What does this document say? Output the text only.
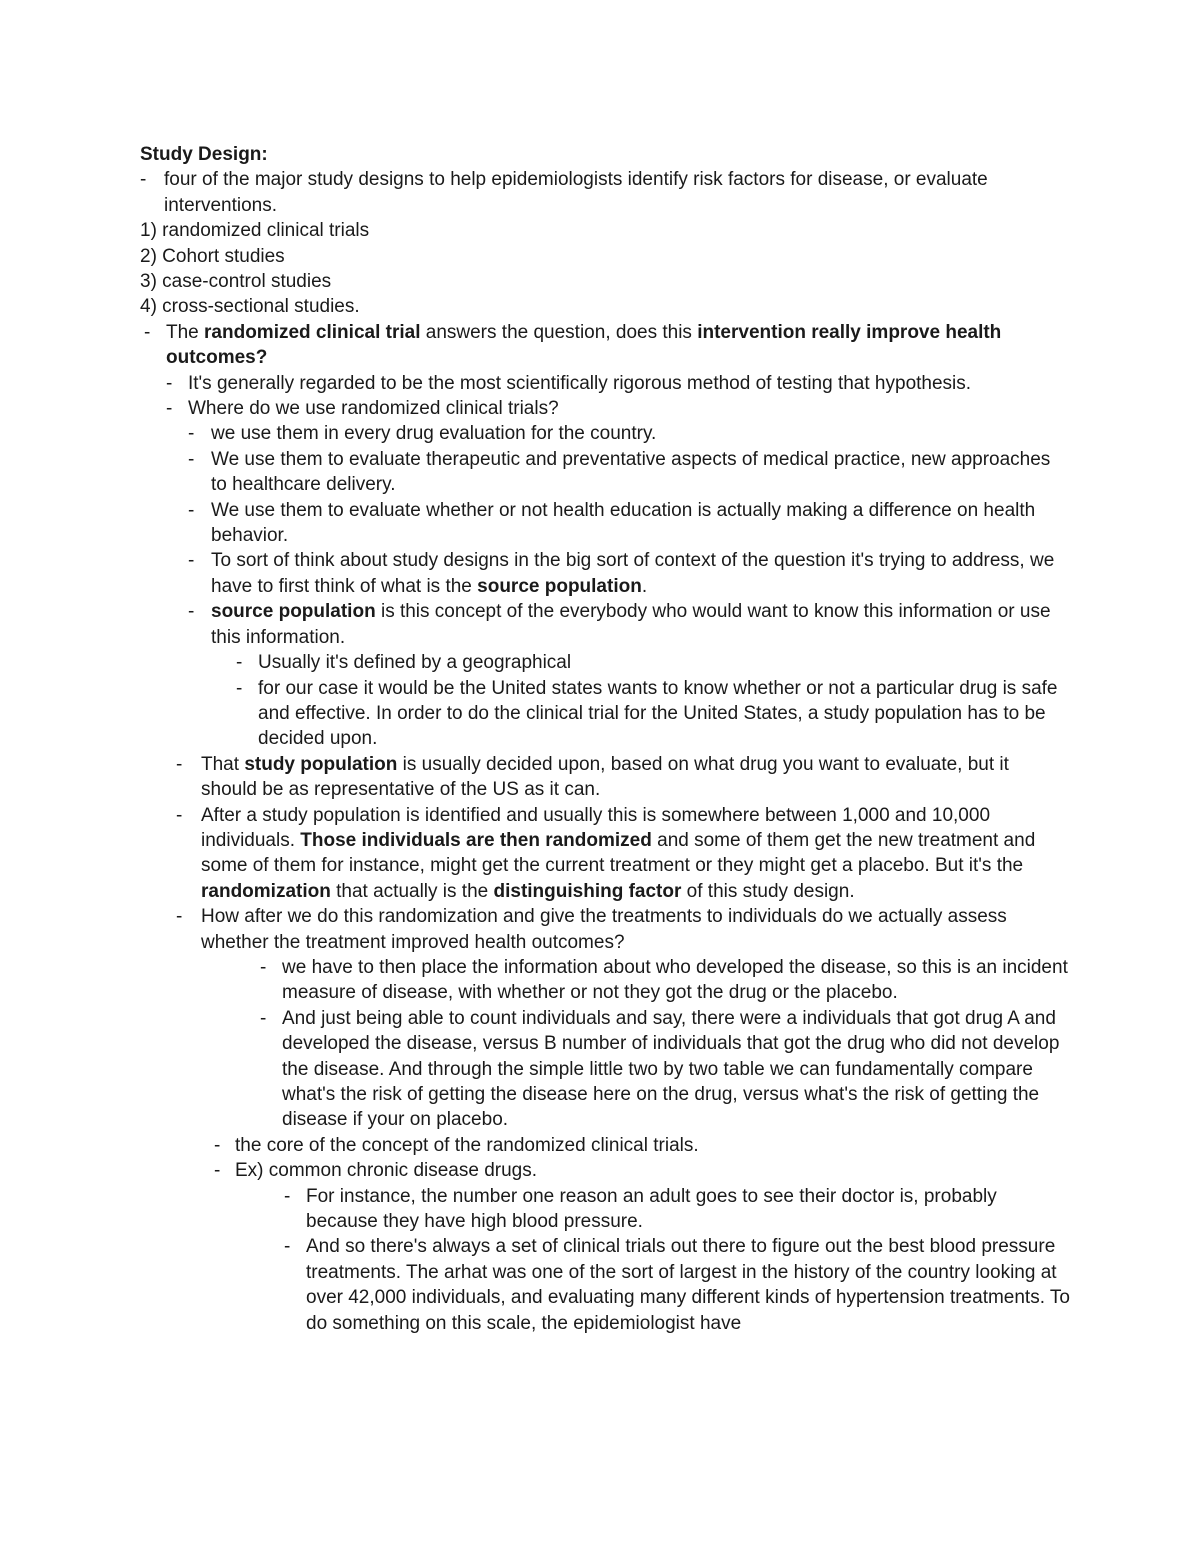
Study Design:
- four of the major study designs to help epidemiologists identify risk factors for disease, or evaluate interventions.
1) randomized clinical trials
2) Cohort studies
3) case-control studies
4) cross-sectional studies.
- The randomized clinical trial answers the question, does this intervention really improve health outcomes?
- It's generally regarded to be the most scientifically rigorous method of testing that hypothesis.
- Where do we use randomized clinical trials?
- we use them in every drug evaluation for the country.
- We use them to evaluate therapeutic and preventative aspects of medical practice, new approaches to healthcare delivery.
- We use them to evaluate whether or not health education is actually making a difference on health behavior.
- To sort of think about study designs in the big sort of context of the question it's trying to address, we have to first think of what is the source population.
- source population is this concept of the everybody who would want to know this information or use this information.
- Usually it's defined by a geographical
- for our case it would be the United states wants to know whether or not a particular drug is safe and effective. In order to do the clinical trial for the United States, a study population has to be decided upon.
- That study population is usually decided upon, based on what drug you want to evaluate, but it should be as representative of the US as it can.
- After a study population is identified and usually this is somewhere between 1,000 and 10,000 individuals. Those individuals are then randomized and some of them get the new treatment and some of them for instance, might get the current treatment or they might get a placebo. But it's the randomization that actually is the distinguishing factor of this study design.
- How after we do this randomization and give the treatments to individuals do we actually assess whether the treatment improved health outcomes?
- we have to then place the information about who developed the disease, so this is an incident measure of disease, with whether or not they got the drug or the placebo.
- And just being able to count individuals and say, there were a individuals that got drug A and developed the disease, versus B number of individuals that got the drug who did not develop the disease. And through the simple little two by two table we can fundamentally compare what's the risk of getting the disease here on the drug, versus what's the risk of getting the disease if your on placebo.
- the core of the concept of the randomized clinical trials.
- Ex) common chronic disease drugs.
- For instance, the number one reason an adult goes to see their doctor is, probably because they have high blood pressure.
- And so there's always a set of clinical trials out there to figure out the best blood pressure treatments. The arhat was one of the sort of largest in the history of the country looking at over 42,000 individuals, and evaluating many different kinds of hypertension treatments. To do something on this scale, the epidemiologist have
